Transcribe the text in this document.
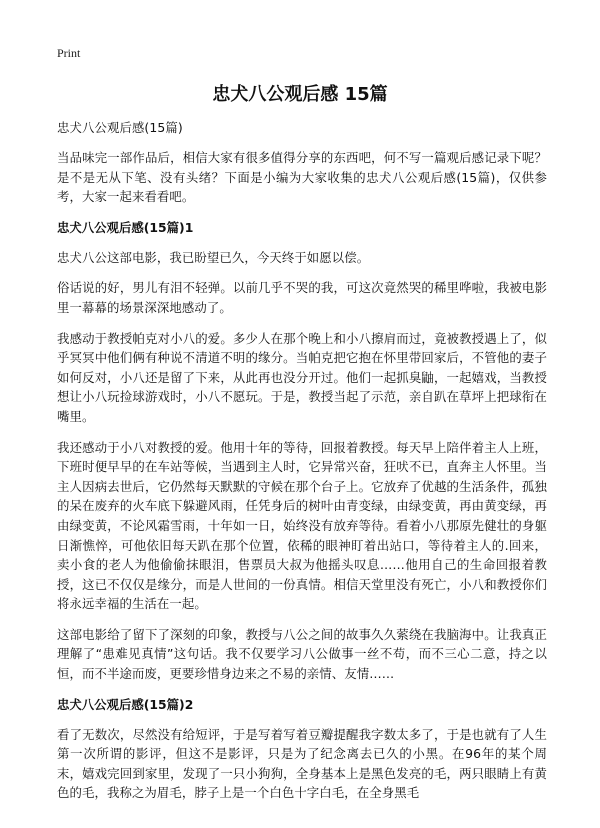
Print
忠犬八公观后感 15篇
忠犬八公观后感(15篇)

当品味完一部作品后，相信大家有很多值得分享的东西吧，何不写一篇观后感记录下呢？是不是无从下笔、没有头绪？下面是小编为大家收集的忠犬八公观后感(15篇)，仅供参考，大家一起来看看吧。

忠犬八公观后感(15篇)1

忠犬八公这部电影，我已盼望已久，今天终于如愿以偿。

俗话说的好，男儿有泪不轻弹。以前几乎不哭的我，可这次竟然哭的稀里哗啦，我被电影里一幕幕的场景深深地感动了。

我感动于教授帕克对小八的爱。多少人在那个晚上和小八擦肩而过，竟被教授遇上了，似乎冥冥中他们俩有种说不清道不明的缘分。当帕克把它抱在怀里带回家后，不管他的妻子如何反对，小八还是留了下来，从此再也没分开过。他们一起抓臭鼬，一起嬉戏，当教授想让小八玩捡球游戏时，小八不愿玩。于是，教授当起了示范，亲自趴在草坪上把球衔在嘴里。

我还感动于小八对教授的爱。他用十年的等待，回报着教授。每天早上陪伴着主人上班，下班时便早早的在车站等候，当遇到主人时，它异常兴奋，狂吠不已，直奔主人怀里。当主人因病去世后，它仍然每天默默的守候在那个台子上。它放弃了优越的生活条件，孤独的呆在废弃的火车底下躲避风雨，任凭身后的树叶由青变绿，由绿变黄，再由黄变绿，再由绿变黄，不论风霜雪雨，十年如一日，始终没有放弃等待。看着小八那原先健壮的身躯日渐憔悴，可他依旧每天趴在那个位置，依稀的眼神盯着出站口，等待着主人的.回来，卖小食的老人为他偷偷抹眼泪，售票员大叔为他摇头叹息……他用自己的生命回报着教授，这已不仅仅是缘分，而是人世间的一份真情。相信天堂里没有死亡，小八和教授你们将永远幸福的生活在一起。

这部电影给了留下了深刻的印象，教授与八公之间的故事久久萦绕在我脑海中。让我真正理解了“患难见真情”这句话。我不仅要学习八公做事一丝不苟，而不三心二意，持之以恒，而不半途而废，更要珍惜身边来之不易的亲情、友情……

忠犬八公观后感(15篇)2

看了无数次，尽然没有给短评，于是写着写着豆瓣提醒我字数太多了，于是也就有了人生第一次所谓的影评，但这不是影评，只是为了纪念离去已久的小黑。在96年的某个周末，嬉戏完回到家里，发现了一只小狗狗，全身基本上是黑色发亮的毛，两只眼睛上有黄色的毛，我称之为眉毛，脖子上是一个白色十字白毛，在全身黑毛
